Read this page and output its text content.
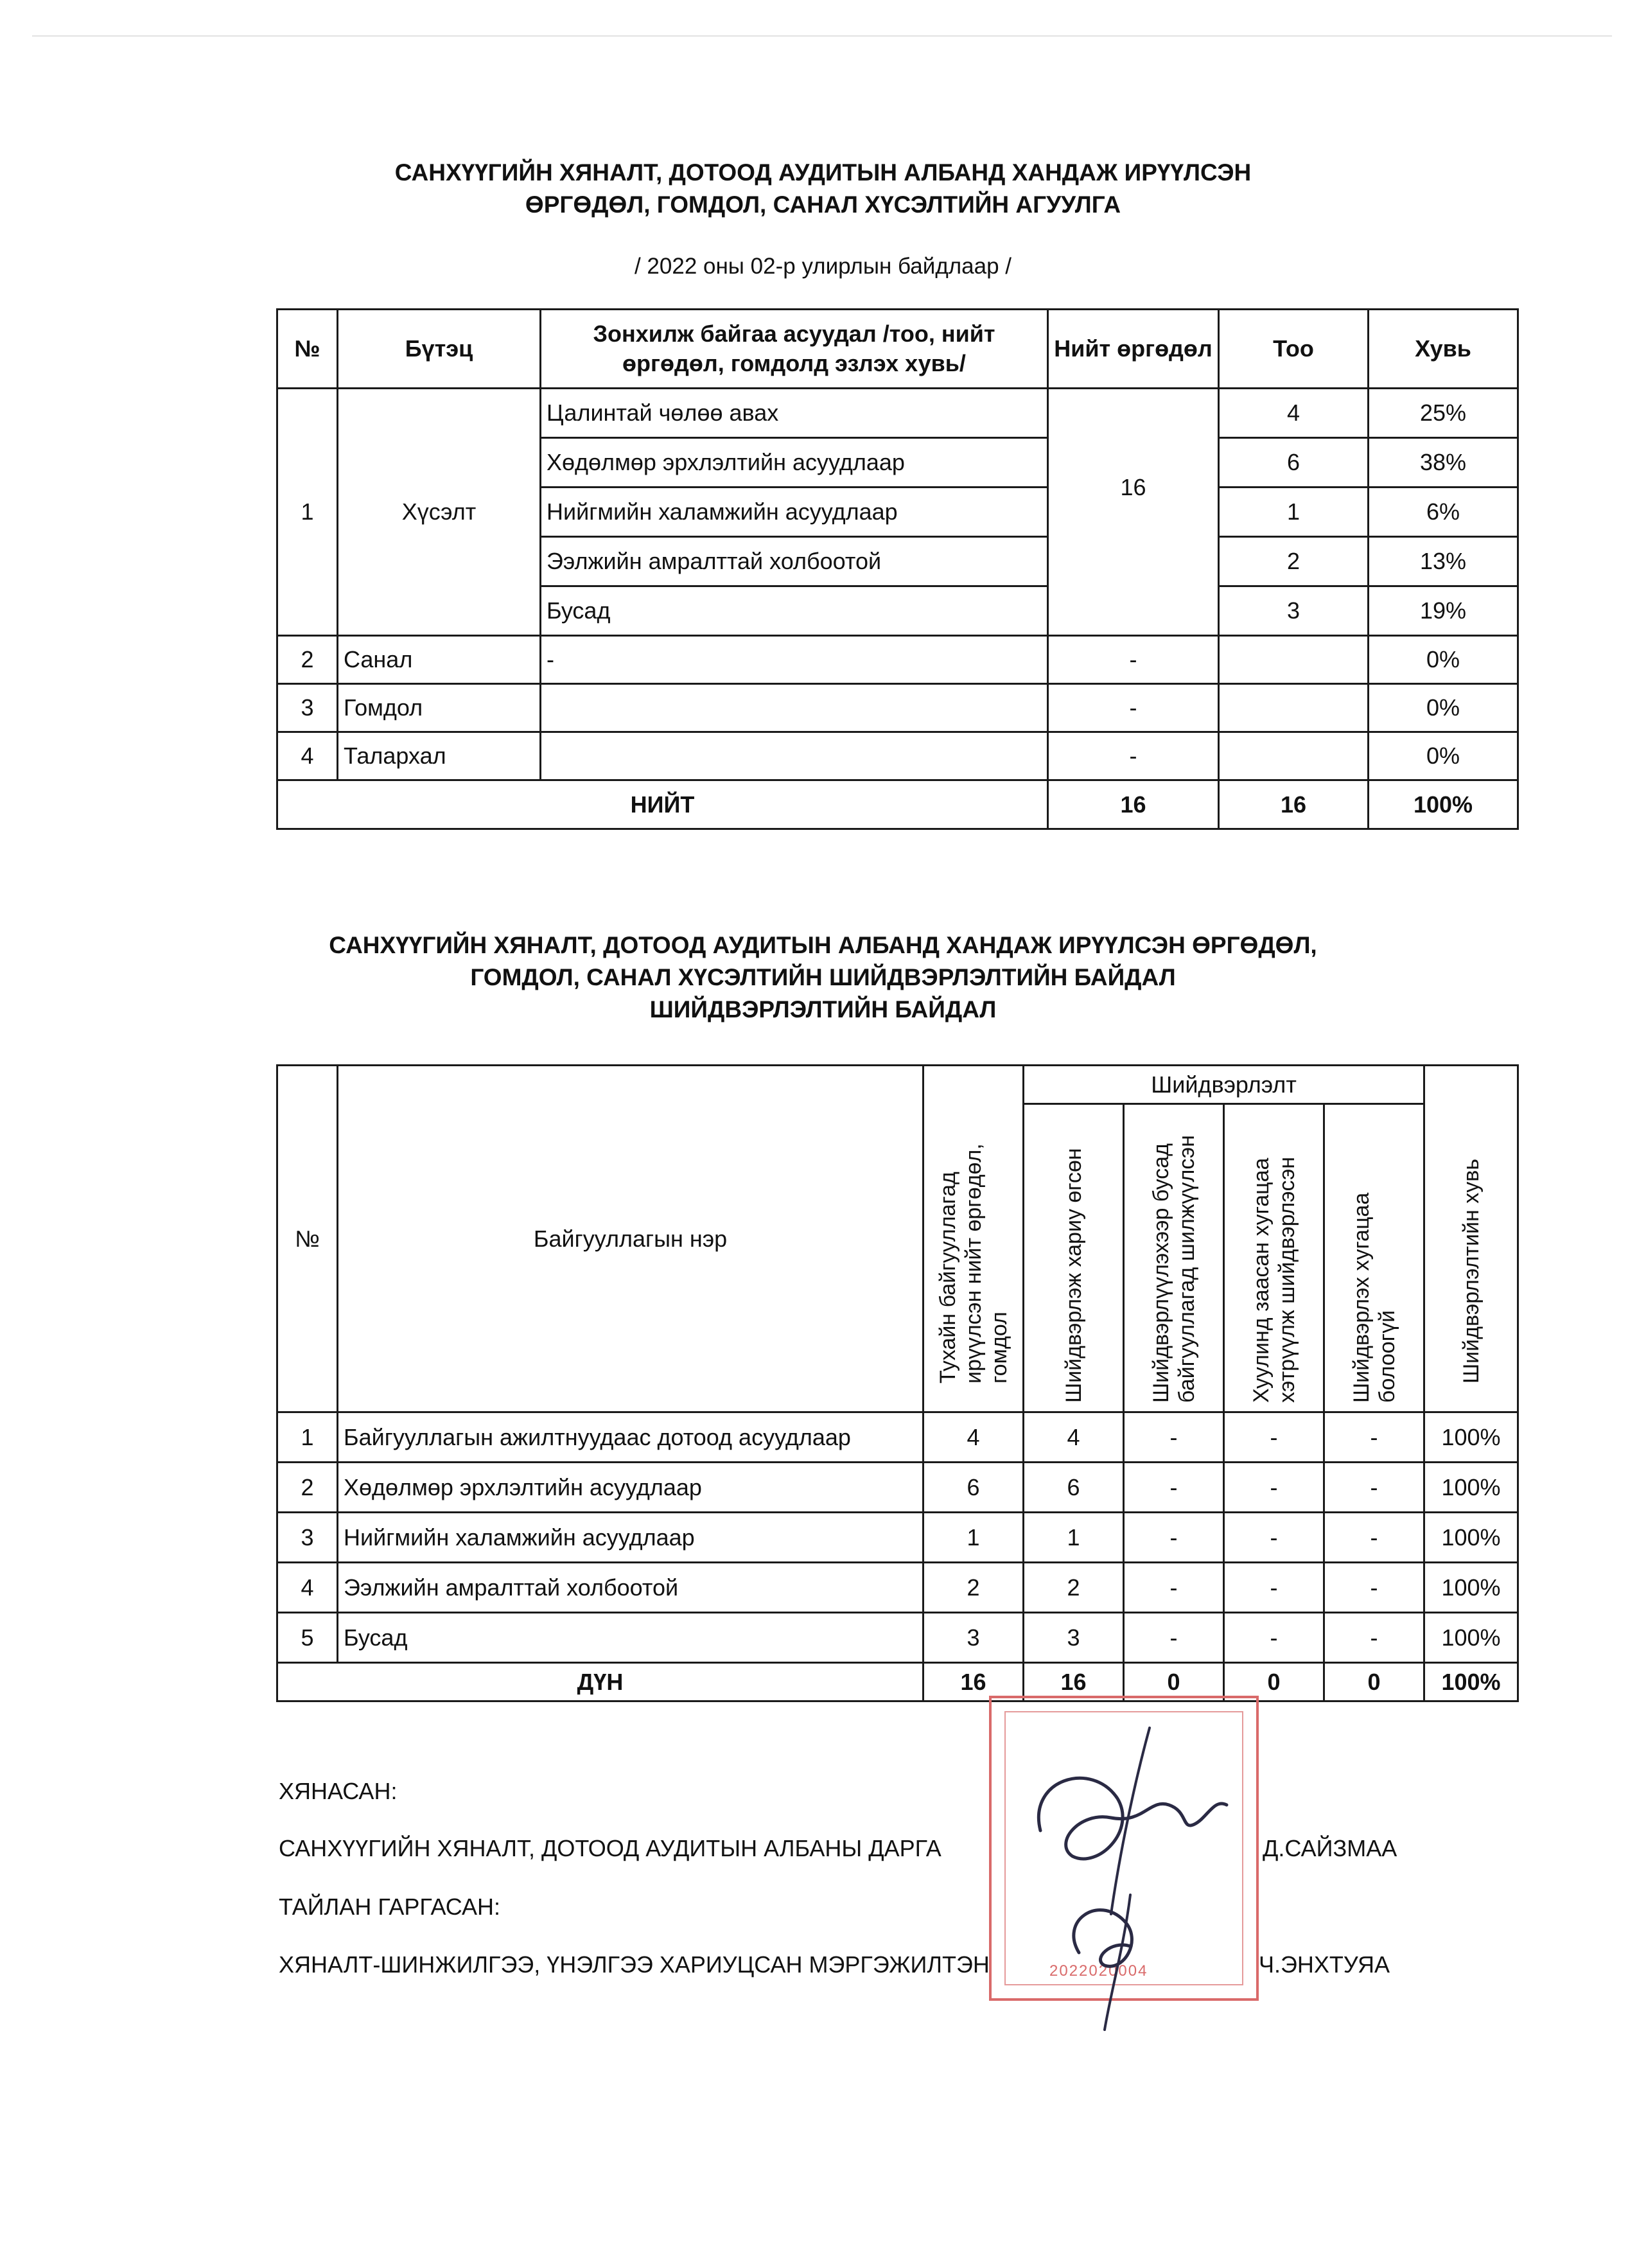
САНХҮҮГИЙН ХЯНАЛТ, ДОТООД АУДИТЫН АЛБАНД ХАНДАЖ ИРҮҮЛСЭН
ӨРГӨДӨЛ, ГОМДОЛ, САНАЛ ХҮСЭЛТИЙН АГУУЛГА
/ 2022 оны 02-р улирлын байдлаар /
№	Бүтэц	Зонхилж байгаа асуудал /тоо, нийт өргөдөл, гомдолд эзлэх хувь/	Нийт өргөдөл	Тоо	Хувь
1	Хүсэлт	Цалинтай чөлөө авах	16	4	25%
		Хөдөлмөр эрхлэлтийн асуудлаар		6	38%
		Нийгмийн халамжийн асуудлаар		1	6%
		Ээлжийн амралттай холбоотой		2	13%
		Бусад		3	19%
2	Санал	-	-		0%
3	Гомдол		-		0%
4	Талархал		-		0%
НИЙТ			16	16	100%
САНХҮҮГИЙН ХЯНАЛТ, ДОТООД АУДИТЫН АЛБАНД ХАНДАЖ ИРҮҮЛСЭН ӨРГӨДӨЛ,
ГОМДОЛ, САНАЛ ХҮСЭЛТИЙН ШИЙДВЭРЛЭЛТИЙН БАЙДАЛ
ШИЙДВЭРЛЭЛТИЙН БАЙДАЛ
№	Байгууллагын нэр	Тухайн байгууллагад ирүүлсэн нийт өргөдөл, гомдол	Шийдвэрлэлт				Шийдвэрлэлтийн хувь

			Шийдвэрлэж хариу өгсөн	Шийдвэрлүүлэхээр бусад байгууллагад шилжүүлсэн	Хуулинд заасан хугацаа хэтрүүлж шийдвэрлэсэн	Шийдвэрлэх хугацаа болоогүй	

1	Байгууллагын ажилтнуудаас дотоод асуудлаар	4	4	-	-	-	100%
2	Хөдөлмөр эрхлэлтийн асуудлаар	6	6	-	-	-	100%
3	Нийгмийн халамжийн асуудлаар	1	1	-	-	-	100%
4	Ээлжийн амралттай холбоотой	2	2	-	-	-	100%
5	Бусад	3	3	-	-	-	100%
ДҮН		16	16	0	0	0	100%
2022020004
ХЯНАСАН:
САНХҮҮГИЙН ХЯНАЛТ, ДОТООД АУДИТЫН АЛБАНЫ ДАРГА	Д.САЙЗМАА
ТАЙЛАН ГАРГАСАН:
ХЯНАЛТ-ШИНЖИЛГЭЭ, ҮНЭЛГЭЭ ХАРИУЦСАН МЭРГЭЖИЛТЭН	Ч.ЭНХТУЯА
